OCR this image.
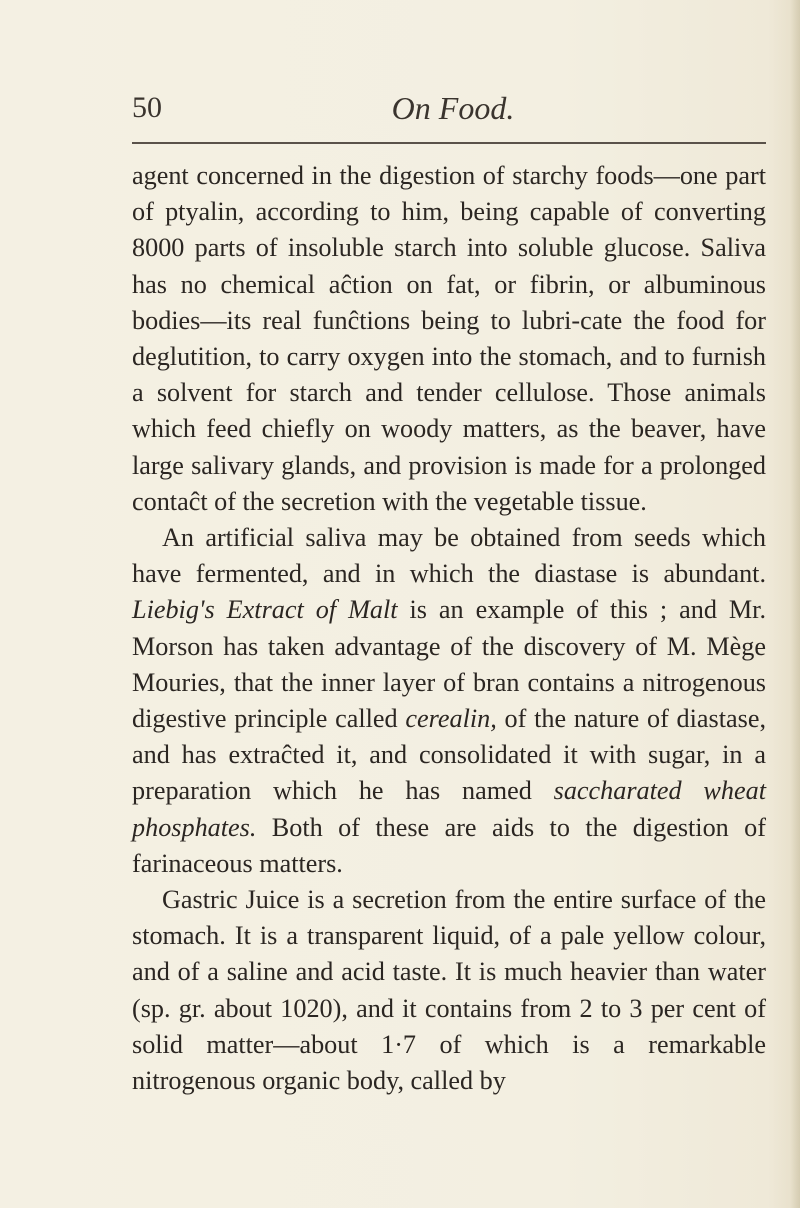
50	On Food.

agent concerned in the digestion of starchy foods—one part of ptyalin, according to him, being capable of converting 8000 parts of insoluble starch into soluble glucose. Saliva has no chemical aĉtion on fat, or fibrin, or albuminous bodies—its real funĉtions being to lubri-cate the food for deglutition, to carry oxygen into the stomach, and to furnish a solvent for starch and tender cellulose. Those animals which feed chiefly on woody matters, as the beaver, have large salivary glands, and provision is made for a prolonged contaĉt of the secretion with the vegetable tissue.

An artificial saliva may be obtained from seeds which have fermented, and in which the diastase is abundant. Liebig's Extract of Malt is an example of this ; and Mr. Morson has taken advantage of the discovery of M. Mège Mouries, that the inner layer of bran contains a nitrogenous digestive principle called cerealin, of the nature of diastase, and has extraĉted it, and consolidated it with sugar, in a preparation which he has named saccharated wheat phosphates. Both of these are aids to the digestion of farinaceous matters.

Gastric Juice is a secretion from the entire surface of the stomach. It is a transparent liquid, of a pale yellow colour, and of a saline and acid taste. It is much heavier than water (sp. gr. about 1020), and it contains from 2 to 3 per cent of solid matter—about 1·7 of which is a remarkable nitrogenous organic body, called by
